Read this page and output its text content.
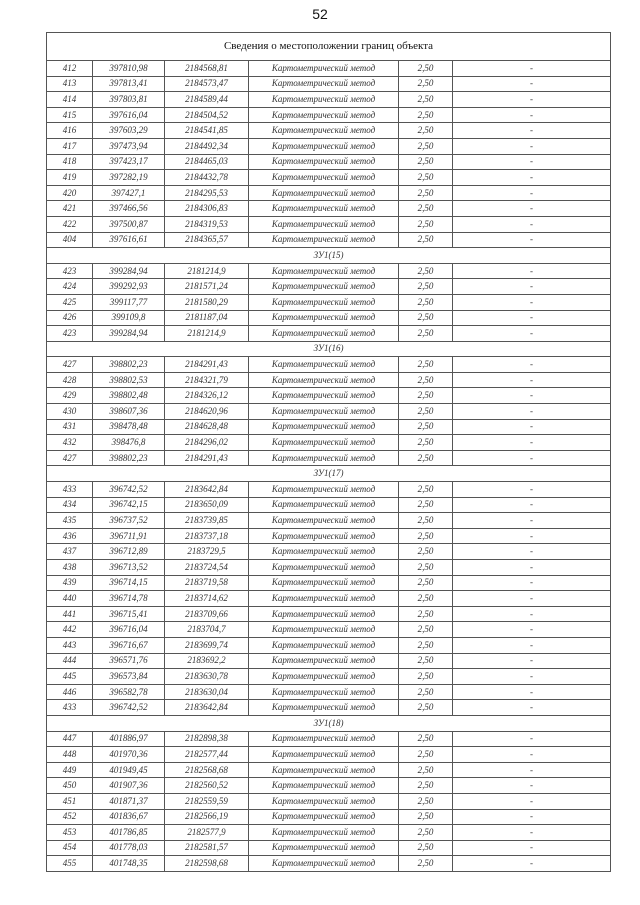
52
Сведения о местоположении границ объекта					
412	397810,98	2184568,81	Картометрический метод	2,50	-
413	397813,41	2184573,47	Картометрический метод	2,50	-
414	397803,81	2184589,44	Картометрический метод	2,50	-
415	397616,04	2184504,52	Картометрический метод	2,50	-
416	397603,29	2184541,85	Картометрический метод	2,50	-
417	397473,94	2184492,34	Картометрический метод	2,50	-
418	397423,17	2184465,03	Картометрический метод	2,50	-
419	397282,19	2184432,78	Картометрический метод	2,50	-
420	397427,1	2184295,53	Картометрический метод	2,50	-
421	397466,56	2184306,83	Картометрический метод	2,50	-
422	397500,87	2184319,53	Картометрический метод	2,50	-
404	397616,61	2184365,57	Картометрический метод	2,50	-
ЗУ1(15)					
423	399284,94	2181214,9	Картометрический метод	2,50	-
424	399292,93	2181571,24	Картометрический метод	2,50	-
425	399117,77	2181580,29	Картометрический метод	2,50	-
426	399109,8	2181187,04	Картометрический метод	2,50	-
423	399284,94	2181214,9	Картометрический метод	2,50	-
ЗУ1(16)					
427	398802,23	2184291,43	Картометрический метод	2,50	-
428	398802,53	2184321,79	Картометрический метод	2,50	-
429	398802,48	2184326,12	Картометрический метод	2,50	-
430	398607,36	2184620,96	Картометрический метод	2,50	-
431	398478,48	2184628,48	Картометрический метод	2,50	-
432	398476,8	2184296,02	Картометрический метод	2,50	-
427	398802,23	2184291,43	Картометрический метод	2,50	-
ЗУ1(17)					
433	396742,52	2183642,84	Картометрический метод	2,50	-
434	396742,15	2183650,09	Картометрический метод	2,50	-
435	396737,52	2183739,85	Картометрический метод	2,50	-
436	396711,91	2183737,18	Картометрический метод	2,50	-
437	396712,89	2183729,5	Картометрический метод	2,50	-
438	396713,52	2183724,54	Картометрический метод	2,50	-
439	396714,15	2183719,58	Картометрический метод	2,50	-
440	396714,78	2183714,62	Картометрический метод	2,50	-
441	396715,41	2183709,66	Картометрический метод	2,50	-
442	396716,04	2183704,7	Картометрический метод	2,50	-
443	396716,67	2183699,74	Картометрический метод	2,50	-
444	396571,76	2183692,2	Картометрический метод	2,50	-
445	396573,84	2183630,78	Картометрический метод	2,50	-
446	396582,78	2183630,04	Картометрический метод	2,50	-
433	396742,52	2183642,84	Картометрический метод	2,50	-
ЗУ1(18)					
447	401886,97	2182898,38	Картометрический метод	2,50	-
448	401970,36	2182577,44	Картометрический метод	2,50	-
449	401949,45	2182568,68	Картометрический метод	2,50	-
450	401907,36	2182560,52	Картометрический метод	2,50	-
451	401871,37	2182559,59	Картометрический метод	2,50	-
452	401836,67	2182566,19	Картометрический метод	2,50	-
453	401786,85	2182577,9	Картометрический метод	2,50	-
454	401778,03	2182581,57	Картометрический метод	2,50	-
455	401748,35	2182598,68	Картометрический метод	2,50	-
